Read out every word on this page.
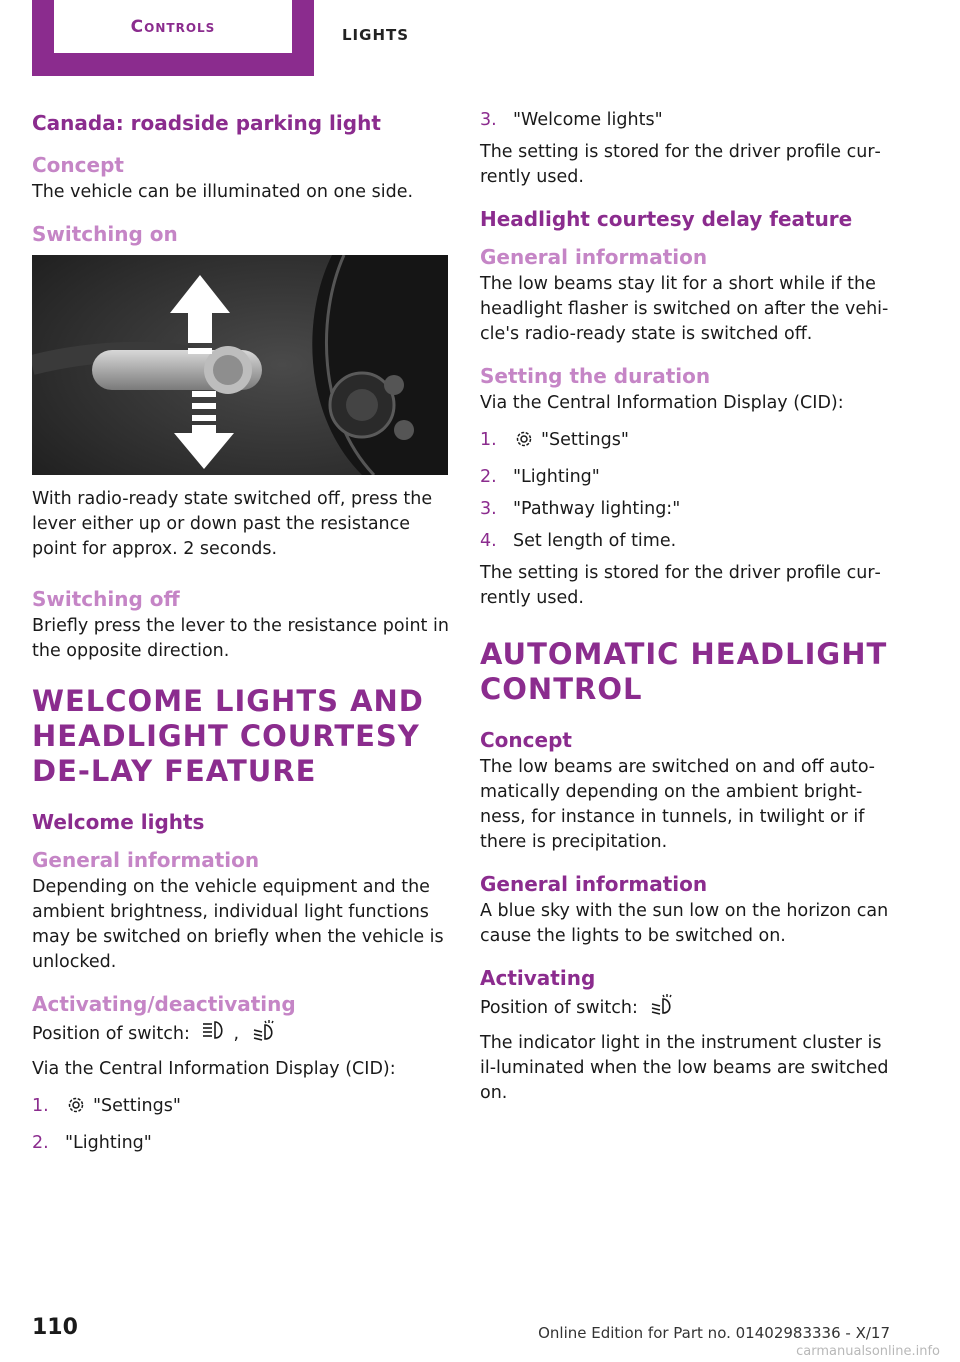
Controls	LIGHTS
Canada: roadside parking light
Concept

The vehicle can be illuminated on one side.

Switching on

With radio-ready state switched off, press the lever either up or down past the resistance point for approx. 2 seconds.

Switching off

Briefly press the lever to the resistance point in the opposite direction.

WELCOME LIGHTS AND HEADLIGHT COURTESY DE‐LAY FEATURE
Welcome lights
General information

Depending on the vehicle equipment and the ambient brightness, individual light functions may be switched on briefly when the vehicle is unlocked.

Activating/deactivating

Position of switch: ,

Via the Central Information Display (CID):

1.	"Settings"
2. "Lighting"
3. "Welcome lights"

The setting is stored for the driver profile cur‐rently used.

Headlight courtesy delay feature
General information

The low beams stay lit for a short while if the headlight flasher is switched on after the vehi‐cle's radio-ready state is switched off.

Setting the duration

Via the Central Information Display (CID):

1.	"Settings"
2. "Lighting"
3. "Pathway lighting:"
4. Set length of time.

The setting is stored for the driver profile cur‐rently used.

AUTOMATIC HEADLIGHT CONTROL
Concept

The low beams are switched on and off auto‐matically depending on the ambient bright‐ness, for instance in tunnels, in twilight or if there is precipitation.

General information

A blue sky with the sun low on the horizon can cause the lights to be switched on.

Activating

Position of switch:

The indicator light in the instrument cluster is il‐luminated when the low beams are switched on.

110	Online Edition for Part no. 01402983336 - X/17
carmanualsonline.info
